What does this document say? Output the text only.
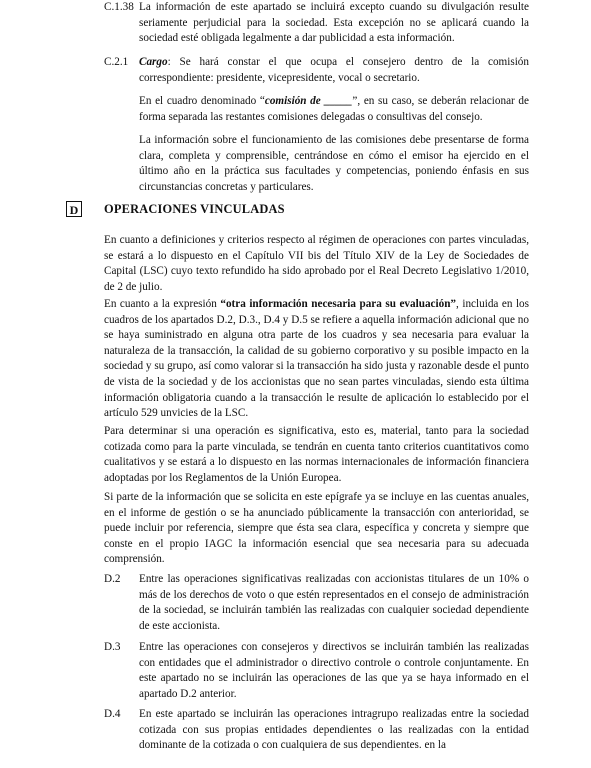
C.1.38 La información de este apartado se incluirá excepto cuando su divulgación resulte seriamente perjudicial para la sociedad. Esta excepción no se aplicará cuando la sociedad esté obligada legalmente a dar publicidad a esta información.

C.2.1 Cargo: Se hará constar el que ocupa el consejero dentro de la comisión correspondiente: presidente, vicepresidente, vocal o secretario.

En el cuadro denominado “comisión de _____”, en su caso, se deberán relacionar de forma separada las restantes comisiones delegadas o consultivas del consejo.

La información sobre el funcionamiento de las comisiones debe presentarse de forma clara, completa y comprensible, centrándose en cómo el emisor ha ejercido en el último año en la práctica sus facultades y competencias, poniendo énfasis en sus circunstancias concretas y particulares.

D OPERACIONES VINCULADAS

En cuanto a definiciones y criterios respecto al régimen de operaciones con partes vinculadas, se estará a lo dispuesto en el Capítulo VII bis del Título XIV de la Ley de Sociedades de Capital (LSC) cuyo texto refundido ha sido aprobado por el Real Decreto Legislativo 1/2010, de 2 de julio.

En cuanto a la expresión “otra información necesaria para su evaluación”, incluida en los cuadros de los apartados D.2, D.3., D.4 y D.5 se refiere a aquella información adicional que no se haya suministrado en alguna otra parte de los cuadros y sea necesaria para evaluar la naturaleza de la transacción, la calidad de su gobierno corporativo y su posible impacto en la sociedad y su grupo, así como valorar si la transacción ha sido justa y razonable desde el punto de vista de la sociedad y de los accionistas que no sean partes vinculadas, siendo esta última información obligatoria cuando a la transacción le resulte de aplicación lo establecido por el artículo 529 unvicies de la LSC.

Para determinar si una operación es significativa, esto es, material, tanto para la sociedad cotizada como para la parte vinculada, se tendrán en cuenta tanto criterios cuantitativos como cualitativos y se estará a lo dispuesto en las normas internacionales de información financiera adoptadas por los Reglamentos de la Unión Europea.

Si parte de la información que se solicita en este epígrafe ya se incluye en las cuentas anuales, en el informe de gestión o se ha anunciado públicamente la transacción con anterioridad, se puede incluir por referencia, siempre que ésta sea clara, específica y concreta y siempre que conste en el propio IAGC la información esencial que sea necesaria para su adecuada comprensión.

D.2 Entre las operaciones significativas realizadas con accionistas titulares de un 10% o más de los derechos de voto o que estén representados en el consejo de administración de la sociedad, se incluirán también las realizadas con cualquier sociedad dependiente de este accionista.

D.3 Entre las operaciones con consejeros y directivos se incluirán también las realizadas con entidades que el administrador o directivo controle o controle conjuntamente. En este apartado no se incluirán las operaciones de las que ya se haya informado en el apartado D.2 anterior.

D.4 En este apartado se incluirán las operaciones intragrupo realizadas entre la sociedad cotizada con sus propias entidades dependientes o las realizadas con la entidad dominante de la cotizada o con cualquiera de sus dependientes. en la
